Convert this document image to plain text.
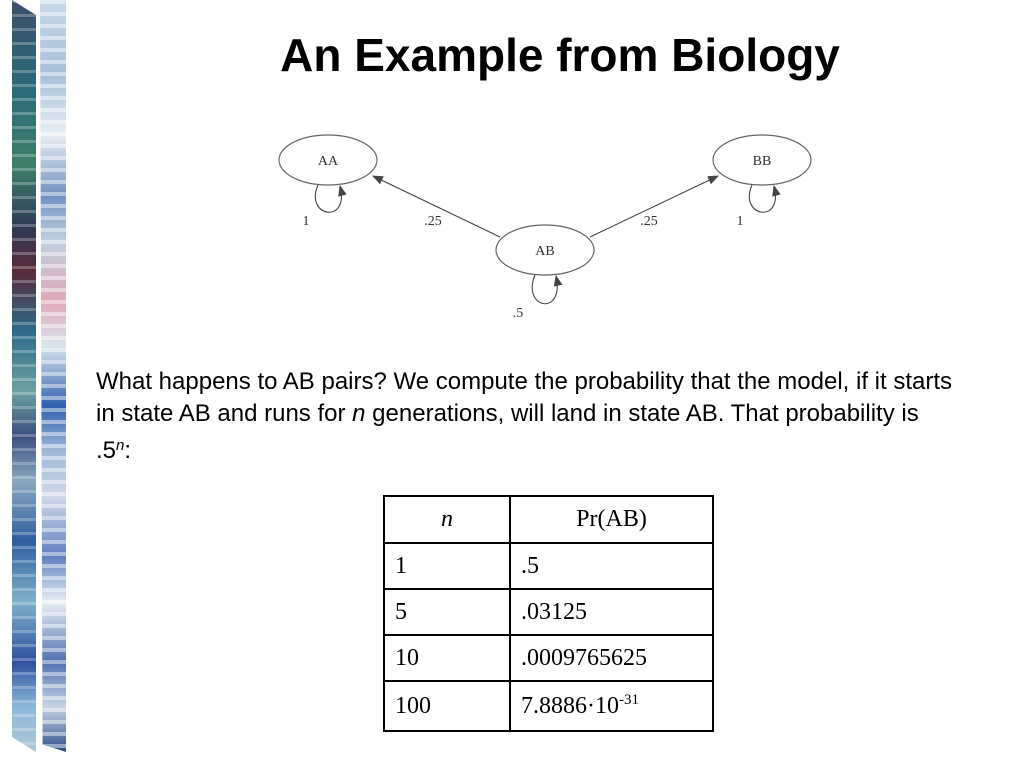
An Example from Biology
AA	BB
AB
.25	.25
1	1
.5
What happens to AB pairs? We compute the probability that the model, if it starts in state AB and runs for n generations, will land in state AB. That probability is .5$^n$:
n	Pr(AB)
1	.5
5	.03125
10	.0009765625
100	$7.8886\cdot 10^{-31}$
